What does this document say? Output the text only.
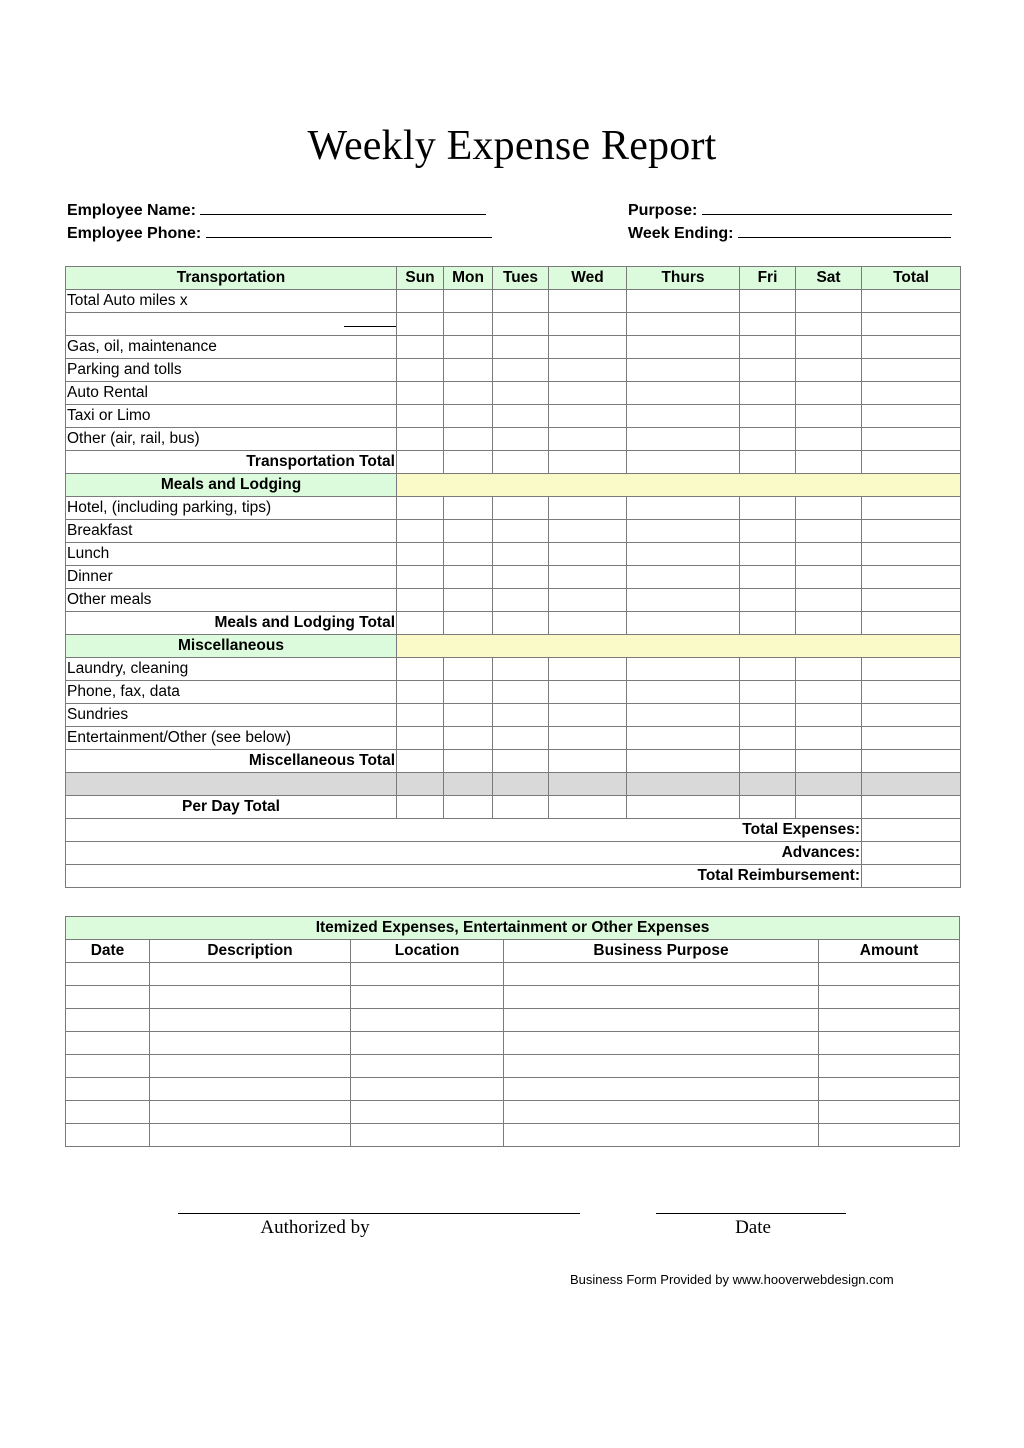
Weekly Expense Report
Employee Name:
Employee Phone:
Purpose:
Week Ending:
Transportation	Sun	Mon	Tues	Wed	Thurs	Fri	Sat	Total
Total Auto miles x								
______								
Gas, oil, maintenance								
Parking and tolls								
Auto Rental								
Taxi or Limo								
Other (air, rail, bus)								
Transportation Total								
Meals and Lodging								
Hotel, (including parking, tips)								
Breakfast								
Lunch								
Dinner								
Other meals								
Meals and Lodging Total								
Miscellaneous								
Laundry, cleaning								
Phone, fax, data								
Sundries								
Entertainment/Other (see below)								
Miscellaneous Total								

Per Day Total								
Total Expenses:								
Advances:								
Total Reimbursement:								
Itemized Expenses, Entertainment or Other Expenses				
Date	Description	Location	Business Purpose	Amount

Authorized by	Date
Business Form Provided by www.hooverwebdesign.com
